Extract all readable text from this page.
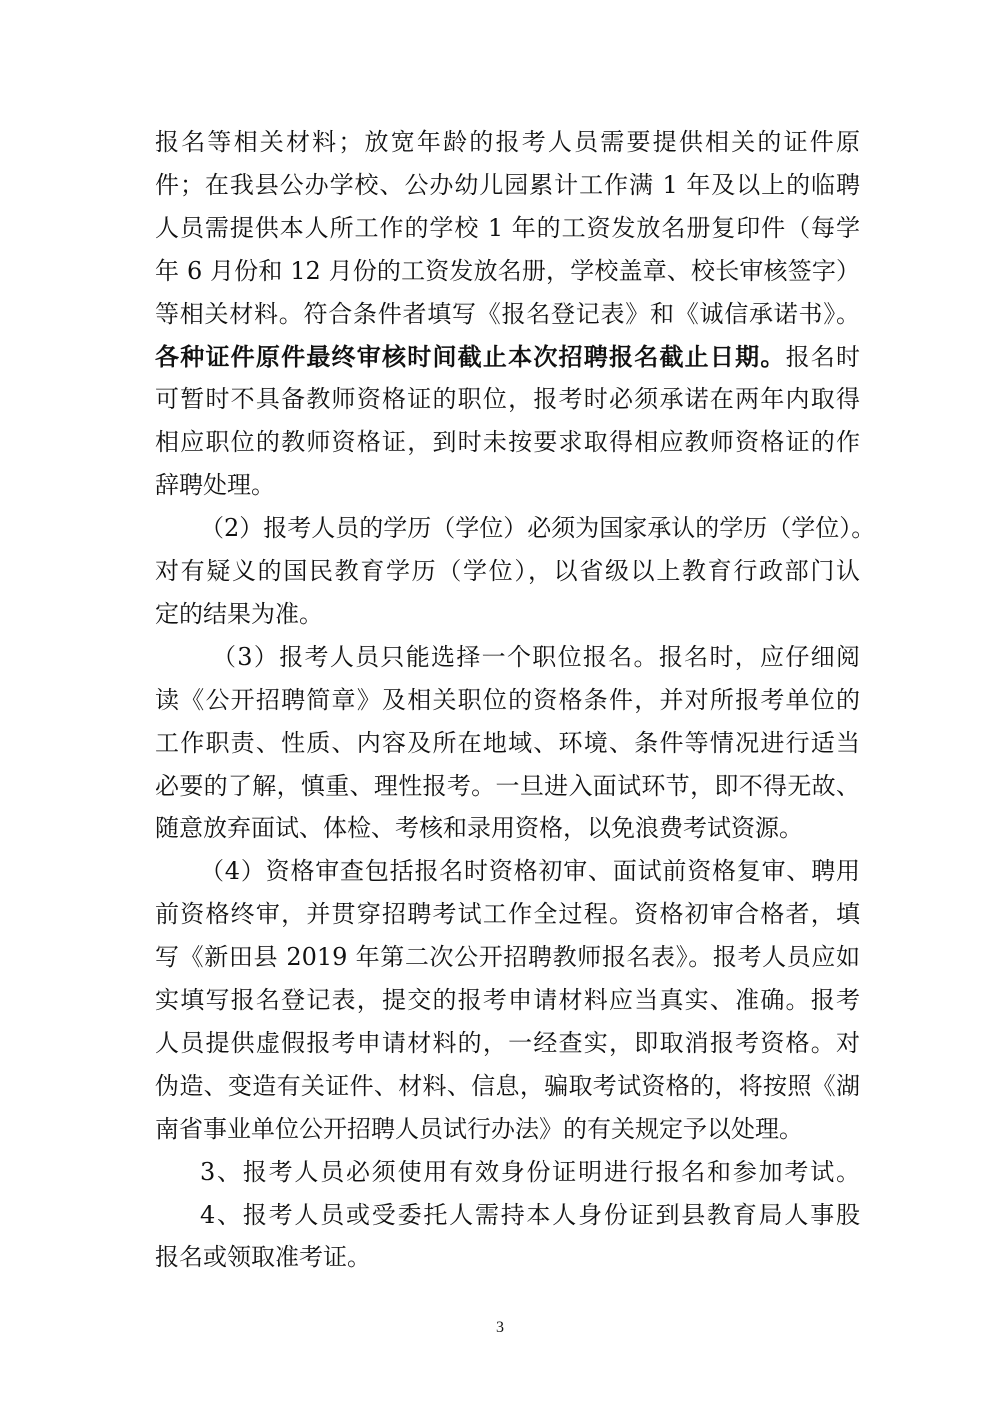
报名等相关材料；放宽年龄的报考人员需要提供相关的证件原
件；在我县公办学校、公办幼儿园累计工作满 1 年及以上的临聘
人员需提供本人所工作的学校 1 年的工资发放名册复印件（每学
年 6 月份和 12 月份的工资发放名册，学校盖章、校长审核签字）
等相关材料。符合条件者填写《报名登记表》和《诚信承诺书》。
各种证件原件最终审核时间截止本次招聘报名截止日期。报名时
可暂时不具备教师资格证的职位，报考时必须承诺在两年内取得
相应职位的教师资格证，到时未按要求取得相应教师资格证的作
辞聘处理。
（2）报考人员的学历（学位）必须为国家承认的学历（学位）。
对有疑义的国民教育学历（学位），以省级以上教育行政部门认
定的结果为准。
（3）报考人员只能选择一个职位报名。报名时，应仔细阅
读《公开招聘简章》及相关职位的资格条件，并对所报考单位的
工作职责、性质、内容及所在地域、环境、条件等情况进行适当
必要的了解，慎重、理性报考。一旦进入面试环节，即不得无故、
随意放弃面试、体检、考核和录用资格，以免浪费考试资源。
（4）资格审查包括报名时资格初审、面试前资格复审、聘用
前资格终审，并贯穿招聘考试工作全过程。资格初审合格者，填
写《新田县 2019 年第二次公开招聘教师报名表》。报考人员应如
实填写报名登记表，提交的报考申请材料应当真实、准确。报考
人员提供虚假报考申请材料的，一经查实，即取消报考资格。对
伪造、变造有关证件、材料、信息，骗取考试资格的，将按照《湖
南省事业单位公开招聘人员试行办法》的有关规定予以处理。
3、报考人员必须使用有效身份证明进行报名和参加考试。
4、报考人员或受委托人需持本人身份证到县教育局人事股
报名或领取准考证。
3
